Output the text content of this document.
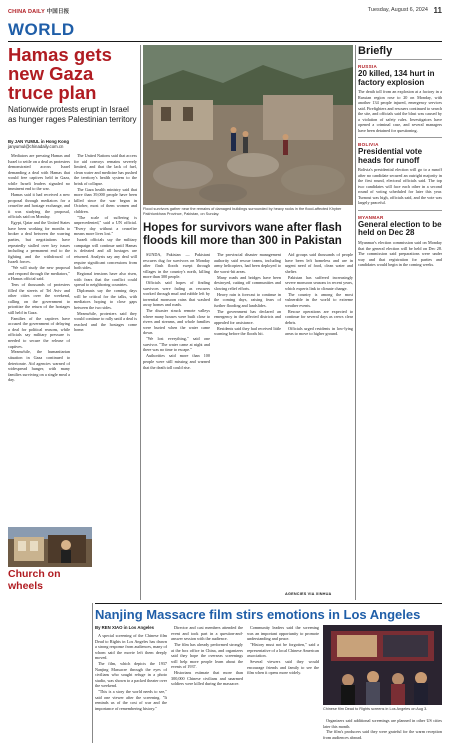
CHINA DAILY 中国日报	Tuesday, August 6, 2024 11
WORLD
Hamas gets new Gaza truce plan
Nationwide protests erupt in Israel as hunger rages Palestinian territory
By JAN YUMUL in Hong Kong
janyumul@chinadaily.com.cn

Mediators are pressing Hamas and Israel to settle on a deal as protesters demonstrated across Israel demanding a deal with Hamas that would free captives held in Gaza, while Israeli leaders signaled no imminent end to the war.

Hamas said it had received a new proposal through mediators for a ceasefire and hostage exchange, and it was studying the proposal, officials said on Monday.

Egypt, Qatar and the United States have been working for months to broker a deal between the warring parties, but negotiations have repeatedly stalled over key issues including a permanent end to the fighting and the withdrawal of Israeli forces.

"We will study the new proposal and respond through the mediators," a Hamas official said.

Tens of thousands of protesters filled the streets of Tel Aviv and other cities over the weekend, calling on the government to prioritize the return of the hostages still held in Gaza.

Families of the captives have accused the government of delaying a deal for political reasons, while officials say military pressure is needed to secure the release of captives.

Meanwhile, the humanitarian situation in Gaza continued to deteriorate. Aid agencies warned of widespread hunger, with many families surviving on a single meal a day.

The United Nations said that access for aid convoys remains severely limited, and that the lack of fuel, clean water and medicine has pushed the territory's health system to the brink of collapse.

The Gaza health ministry said that more than 39,000 people have been killed since the war began in October, most of them women and children.

"The scale of suffering is unprecedented," said a UN official. "Every day without a ceasefire means more lives lost."

Israeli officials say the military campaign will continue until Hamas is defeated and all hostages are returned. Analysts say any deal will require significant concessions from both sides.

Regional tensions have also risen, with fears that the conflict could spread to neighboring countries.

Diplomats say the coming days will be critical for the talks, with mediators hoping to close gaps between the two sides.

Meanwhile, protesters said they would continue to rally until a deal is reached and the hostages come home.

Church on wheels
Flood survivors gather near the remains of damaged buildings surrounded by heavy rocks in the flood-affected Khyber Pakhtunkhwa Province, Pakistan, on Sunday.
Hopes for survivors wane after flash floods kill more than 300 in Pakistan

SUNDA, Pakistan — Pakistani rescuers dug for survivors on Monday after flash floods swept through villages in the country's north, killing more than 300 people.

Officials said hopes of finding survivors were fading as rescuers worked through mud and rubble left by torrential monsoon rains that washed away homes and roads.

The disaster struck remote valleys where many houses were built close to rivers and streams, and whole families were buried when the water came down.

"We lost everything," said one survivor. "The water came at night and there was no time to escape."

Authorities said more than 100 people were still missing and warned that the death toll could rise.

The provincial disaster management authority said rescue teams, including army helicopters, had been deployed to the worst-hit areas.

Many roads and bridges have been destroyed, cutting off communities and slowing relief efforts.

Heavy rain is forecast to continue in the coming days, raising fears of further flooding and landslides.

The government has declared an emergency in the affected districts and appealed for assistance.

Residents said they had received little warning before the floods hit.

Aid groups said thousands of people have been left homeless and are in urgent need of food, clean water and shelter.

Pakistan has suffered increasingly severe monsoon seasons in recent years, which experts link to climate change.

The country is among the most vulnerable in the world to extreme weather events.

Rescue operations are expected to continue for several days as crews clear debris.

Officials urged residents in low-lying areas to move to higher ground.

AGENCIES VIA XINHUA
Briefly
RUSSIA
20 killed, 134 hurt in factory explosion
The death toll from an explosion at a factory in a Russian region rose to 20 on Monday, with another 134 people injured, emergency services said. Firefighters and rescuers continued to search the site, and officials said the blast was caused by a violation of safety rules. Investigators have opened a criminal case, and several managers have been detained for questioning.
BOLIVIA
Presidential vote heads for runoff
Bolivia's presidential election will go to a runoff after no candidate secured an outright majority in the first round, electoral officials said. The top two candidates will face each other in a second round of voting scheduled for later this year. Turnout was high, officials said, and the vote was largely peaceful.
MYANMAR
General election to be held on Dec 28
Myanmar's election commission said on Monday that the general election will be held on Dec 28. The commission said preparations were under way and that registration for parties and candidates would begin in the coming weeks.
Nanjing Massacre film stirs emotions in Los Angeles
By REN XIAO in Los Angeles

A special screening of the Chinese film Dead to Rights in Los Angeles has drawn a strong response from audiences, many of whom said the movie left them deeply moved.

The film, which depicts the 1937 Nanjing Massacre through the eyes of civilians who sought refuge in a photo studio, was shown to a packed theater over the weekend.

"This is a story the world needs to see," said one viewer after the screening. "It reminds us of the cost of war and the importance of remembering history."

Director and cast members attended the event and took part in a question-and-answer session with the audience.

The film has already performed strongly at the box office in China, and organizers said they hope the overseas screenings will help more people learn about the events of 1937.

Historians estimate that more than 300,000 Chinese civilians and unarmed soldiers were killed during the massacre.

Community leaders said the screening was an important opportunity to promote understanding and peace.

"History must not be forgotten," said a representative of a local Chinese American association.

Several viewers said they would encourage friends and family to see the film when it opens more widely.

Chinese film Dead to Rights screens in Los Angeles on Aug 3.

Organizers said additional screenings are planned in other US cities later this month.

The film's producers said they were grateful for the warm reception from audiences abroad.
